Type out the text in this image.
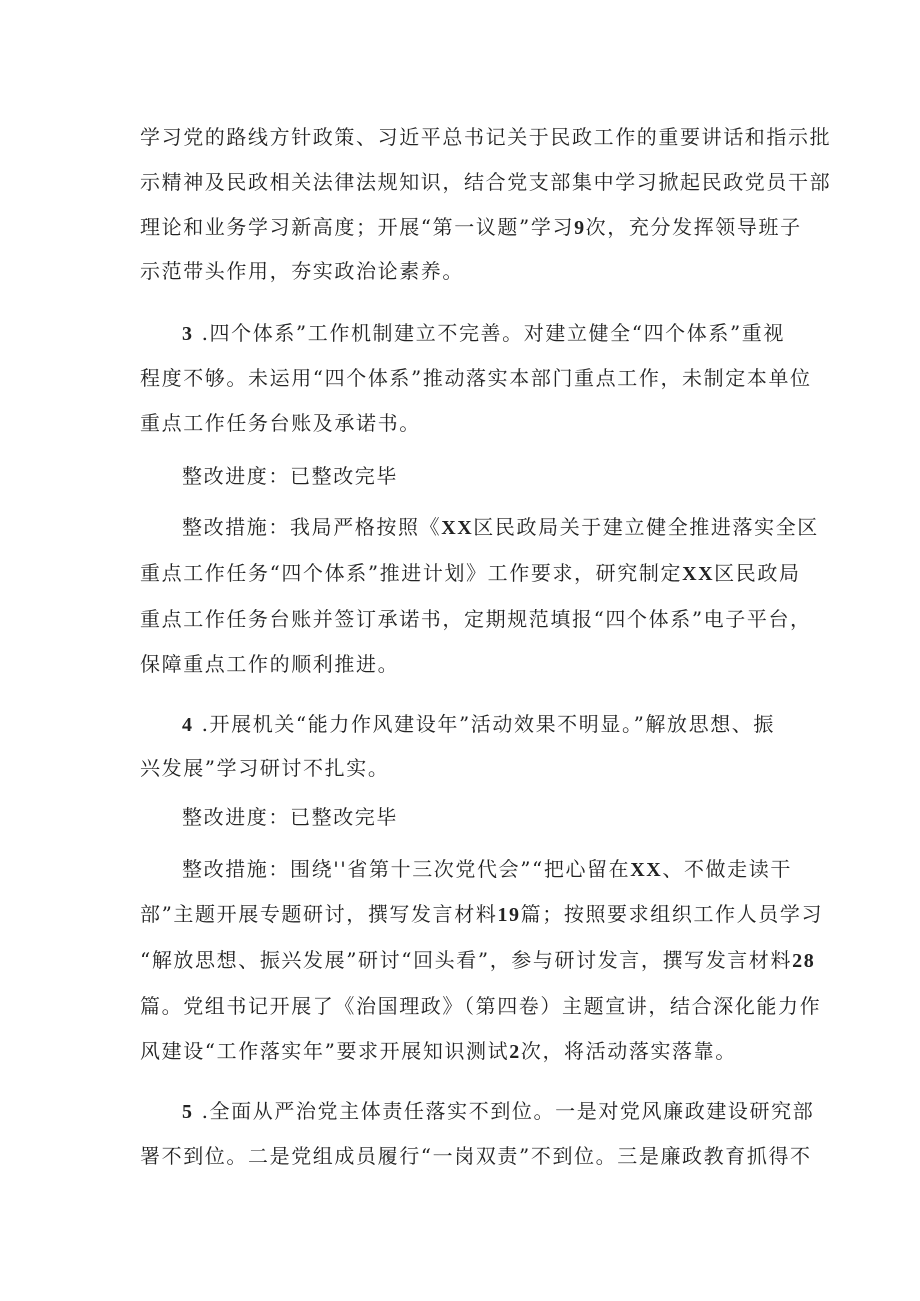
学习党的路线方针政策、习近平总书记关于民政工作的重要讲话和指示批
示精神及民政相关法律法规知识，结合党支部集中学习掀起民政党员干部
理论和业务学习新高度；开展“第一议题”学习9次，充分发挥领导班子
示范带头作用，夯实政治论素养。
3 .四个体系”工作机制建立不完善。对建立健全“四个体系”重视
程度不够。未运用“四个体系”推动落实本部门重点工作，未制定本单位
重点工作任务台账及承诺书。
整改进度：已整改完毕
整改措施：我局严格按照《XX区民政局关于建立健全推进落实全区
重点工作任务“四个体系”推进计划》工作要求，研究制定XX区民政局
重点工作任务台账并签订承诺书，定期规范填报“四个体系”电子平台，
保障重点工作的顺利推进。
4 .开展机关“能力作风建设年”活动效果不明显。”解放思想、振
兴发展”学习研讨不扎实。
整改进度：已整改完毕
整改措施：围绕''省第十三次党代会”“把心留在XX、不做走读干
部”主题开展专题研讨，撰写发言材料19篇；按照要求组织工作人员学习
“解放思想、振兴发展”研讨“回头看”，参与研讨发言，撰写发言材料28
篇。党组书记开展了《治国理政》（第四卷）主题宣讲，结合深化能力作
风建设“工作落实年”要求开展知识测试2次，将活动落实落靠。
5 .全面从严治党主体责任落实不到位。一是对党风廉政建设研究部
署不到位。二是党组成员履行“一岗双责”不到位。三是廉政教育抓得不
